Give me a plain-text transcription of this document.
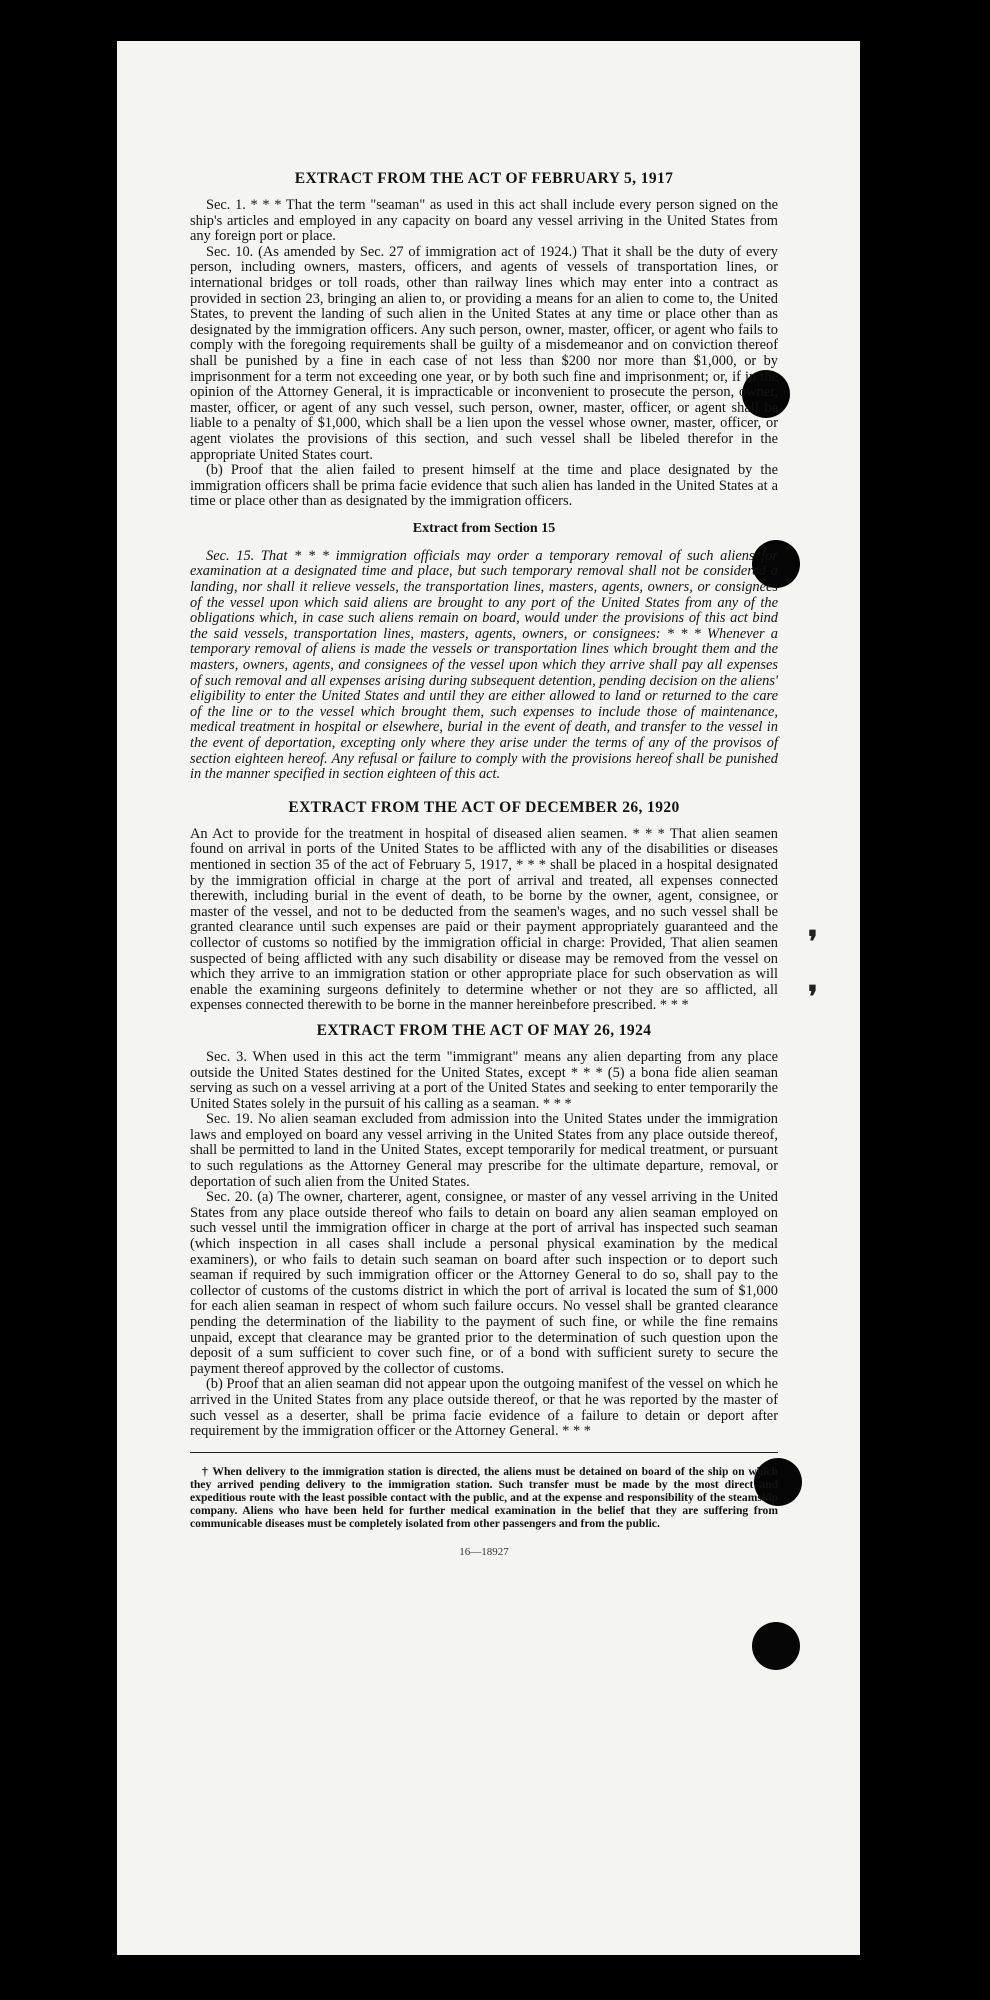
❜
❜
EXTRACT FROM THE ACT OF FEBRUARY 5, 1917

Sec. 1. * * * That the term "seaman" as used in this act shall include every person signed on the ship's articles and employed in any capacity on board any vessel arriving in the United States from any foreign port or place.

Sec. 10. (As amended by Sec. 27 of immigration act of 1924.) That it shall be the duty of every person, including owners, masters, officers, and agents of vessels of transportation lines, or international bridges or toll roads, other than railway lines which may enter into a contract as provided in section 23, bringing an alien to, or providing a means for an alien to come to, the United States, to prevent the landing of such alien in the United States at any time or place other than as designated by the immigration officers. Any such person, owner, master, officer, or agent who fails to comply with the foregoing requirements shall be guilty of a misdemeanor and on conviction thereof shall be punished by a fine in each case of not less than $200 nor more than $1,000, or by imprisonment for a term not exceeding one year, or by both such fine and imprisonment; or, if in the opinion of the Attorney General, it is impracticable or inconvenient to prosecute the person, owner, master, officer, or agent of any such vessel, such person, owner, master, officer, or agent shall be liable to a penalty of $1,000, which shall be a lien upon the vessel whose owner, master, officer, or agent violates the provisions of this section, and such vessel shall be libeled therefor in the appropriate United States court.

(b) Proof that the alien failed to present himself at the time and place designated by the immigration officers shall be prima facie evidence that such alien has landed in the United States at a time or place other than as designated by the immigration officers.

Extract from Section 15

Sec. 15. That * * * immigration officials may order a temporary removal of such aliens for examination at a designated time and place, but such temporary removal shall not be considered a landing, nor shall it relieve vessels, the transportation lines, masters, agents, owners, or consignees of the vessel upon which said aliens are brought to any port of the United States from any of the obligations which, in case such aliens remain on board, would under the provisions of this act bind the said vessels, transportation lines, masters, agents, owners, or consignees: * * * Whenever a temporary removal of aliens is made the vessels or transportation lines which brought them and the masters, owners, agents, and consignees of the vessel upon which they arrive shall pay all expenses of such removal and all expenses arising during subsequent detention, pending decision on the aliens' eligibility to enter the United States and until they are either allowed to land or returned to the care of the line or to the vessel which brought them, such expenses to include those of maintenance, medical treatment in hospital or elsewhere, burial in the event of death, and transfer to the vessel in the event of deportation, excepting only where they arise under the terms of any of the provisos of section eighteen hereof. Any refusal or failure to comply with the provisions hereof shall be punished in the manner specified in section eighteen of this act.

EXTRACT FROM THE ACT OF DECEMBER 26, 1920

An Act to provide for the treatment in hospital of diseased alien seamen. * * * That alien seamen found on arrival in ports of the United States to be afflicted with any of the disabilities or diseases mentioned in section 35 of the act of February 5, 1917, * * * shall be placed in a hospital designated by the immigration official in charge at the port of arrival and treated, all expenses connected therewith, including burial in the event of death, to be borne by the owner, agent, consignee, or master of the vessel, and not to be deducted from the seamen's wages, and no such vessel shall be granted clearance until such expenses are paid or their payment appropriately guaranteed and the collector of customs so notified by the immigration official in charge: Provided, That alien seamen suspected of being afflicted with any such disability or disease may be removed from the vessel on which they arrive to an immigration station or other appropriate place for such observation as will enable the examining surgeons definitely to determine whether or not they are so afflicted, all expenses connected therewith to be borne in the manner hereinbefore prescribed. * * *

EXTRACT FROM THE ACT OF MAY 26, 1924

Sec. 3. When used in this act the term "immigrant" means any alien departing from any place outside the United States destined for the United States, except * * * (5) a bona fide alien seaman serving as such on a vessel arriving at a port of the United States and seeking to enter temporarily the United States solely in the pursuit of his calling as a seaman. * * *

Sec. 19. No alien seaman excluded from admission into the United States under the immigration laws and employed on board any vessel arriving in the United States from any place outside thereof, shall be permitted to land in the United States, except temporarily for medical treatment, or pursuant to such regulations as the Attorney General may prescribe for the ultimate departure, removal, or deportation of such alien from the United States.

Sec. 20. (a) The owner, charterer, agent, consignee, or master of any vessel arriving in the United States from any place outside thereof who fails to detain on board any alien seaman employed on such vessel until the immigration officer in charge at the port of arrival has inspected such seaman (which inspection in all cases shall include a personal physical examination by the medical examiners), or who fails to detain such seaman on board after such inspection or to deport such seaman if required by such immigration officer or the Attorney General to do so, shall pay to the collector of customs of the customs district in which the port of arrival is located the sum of $1,000 for each alien seaman in respect of whom such failure occurs. No vessel shall be granted clearance pending the determination of the liability to the payment of such fine, or while the fine remains unpaid, except that clearance may be granted prior to the determination of such question upon the deposit of a sum sufficient to cover such fine, or of a bond with sufficient surety to secure the payment thereof approved by the collector of customs.

(b) Proof that an alien seaman did not appear upon the outgoing manifest of the vessel on which he arrived in the United States from any place outside thereof, or that he was reported by the master of such vessel as a deserter, shall be prima facie evidence of a failure to detain or deport after requirement by the immigration officer or the Attorney General. * * *

† When delivery to the immigration station is directed, the aliens must be detained on board of the ship on which they arrived pending delivery to the immigration station. Such transfer must be made by the most direct and expeditious route with the least possible contact with the public, and at the expense and responsibility of the steamship company. Aliens who have been held for further medical examination in the belief that they are suffering from communicable diseases must be completely isolated from other passengers and from the public.

16—18927
